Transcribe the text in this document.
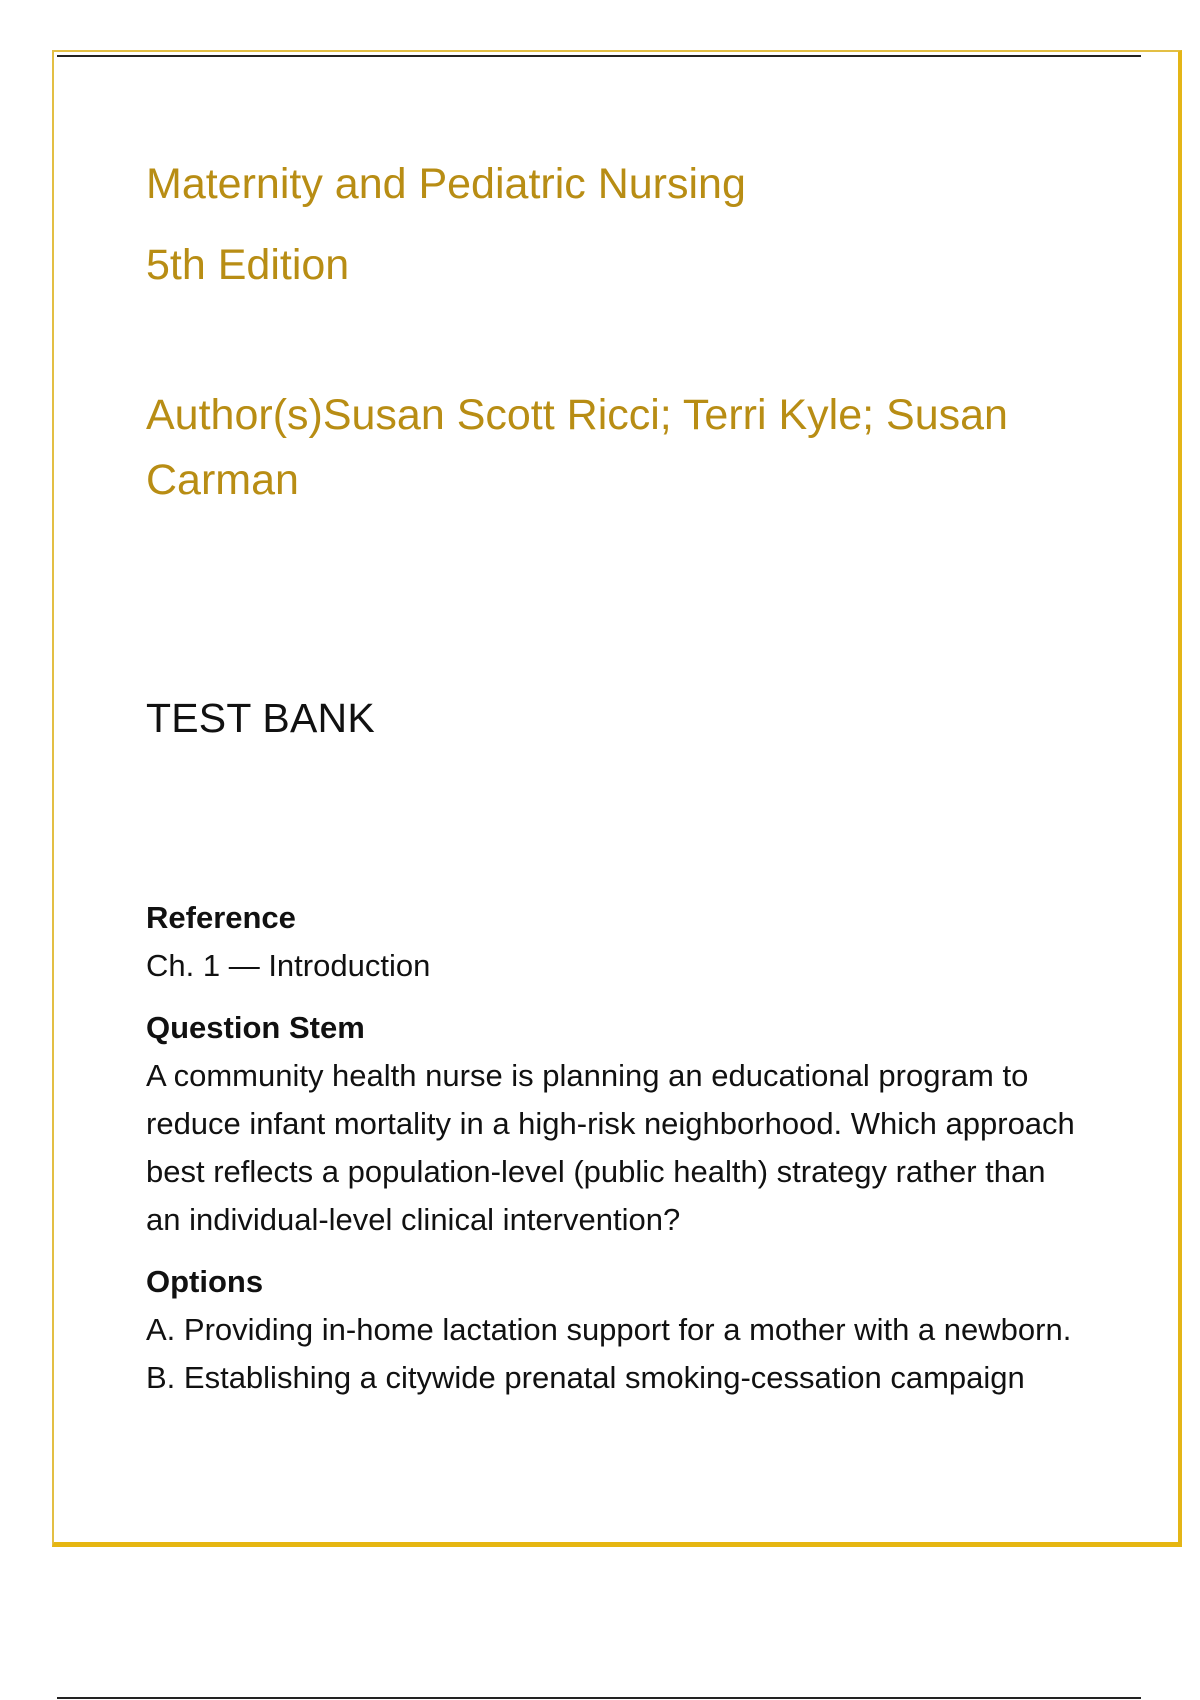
Maternity and Pediatric Nursing
5th Edition
Author(s)Susan Scott Ricci; Terri Kyle; Susan Carman
TEST BANK
Reference
Ch. 1 — Introduction
Question Stem
A community health nurse is planning an educational program to reduce infant mortality in a high-risk neighborhood. Which approach best reflects a population-level (public health) strategy rather than an individual-level clinical intervention?
Options
A. Providing in-home lactation support for a mother with a newborn.
B. Establishing a citywide prenatal smoking-cessation campaign
